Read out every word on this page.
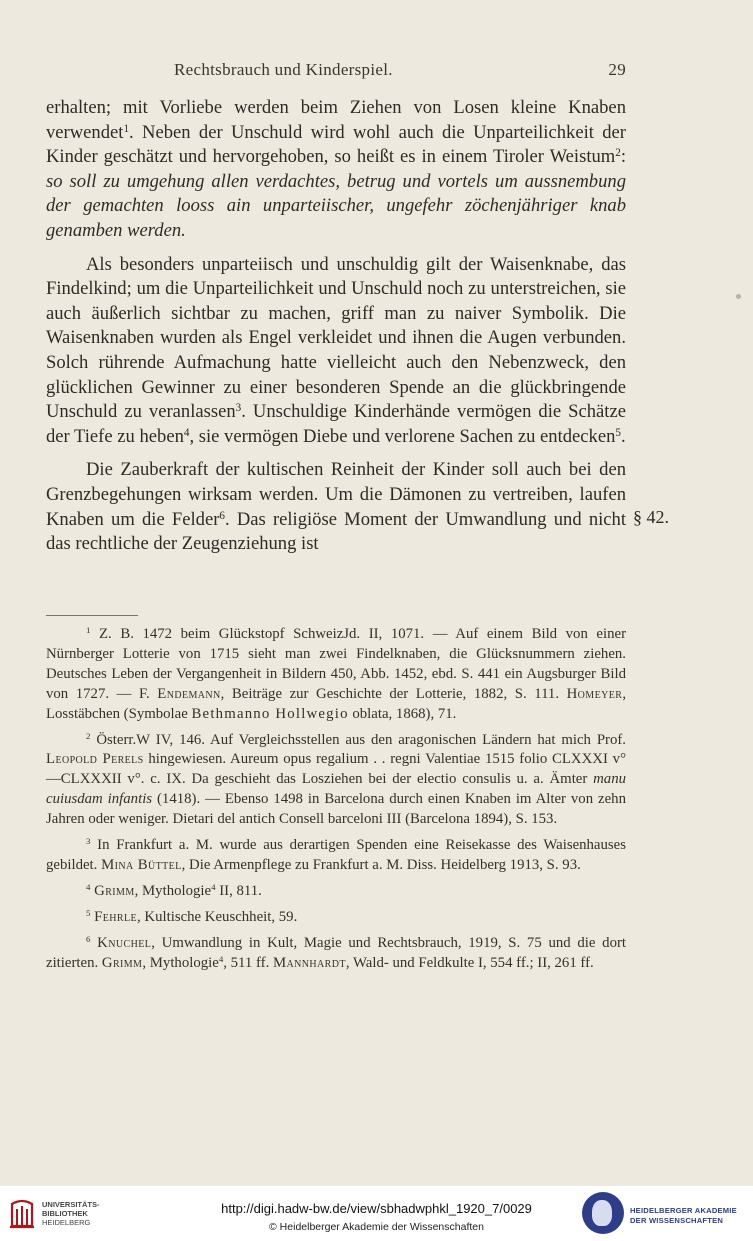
Rechtsbrauch und Kinderspiel.	29

erhalten; mit Vorliebe werden beim Ziehen von Losen kleine Knaben verwendet$^1$. Neben der Unschuld wird wohl auch die Unparteilichkeit der Kinder geschätzt und hervorgehoben, so heißt es in einem Tiroler Weistum$^2$: so soll zu umgehung allen verdachtes, betrug und vortels um aussnembung der gemachten looss ain unparteiischer, ungefehr zöchenjähriger knab genamben werden.

Als besonders unparteiisch und unschuldig gilt der Waisenknabe, das Findelkind; um die Unparteilichkeit und Unschuld noch zu unterstreichen, sie auch äußerlich sichtbar zu machen, griff man zu naiver Symbolik. Die Waisenknaben wurden als Engel verkleidet und ihnen die Augen verbunden. Solch rührende Aufmachung hatte vielleicht auch den Nebenzweck, den glücklichen Gewinner zu einer besonderen Spende an die glückbringende Unschuld zu veranlassen$^3$. Unschuldige Kinderhände vermögen die Schätze der Tiefe zu heben$^4$, sie vermögen Diebe und verlorene Sachen zu entdecken$^5$.

Die Zauberkraft der kultischen Reinheit der Kinder soll auch bei den Grenzbegehungen wirksam werden. Um die Dämonen zu vertreiben, laufen Knaben um die Felder$^6$. Das religiöse Moment der Umwandlung und nicht das rechtliche der Zeugenziehung ist

§ 42.

$^1$ Z. B. 1472 beim Glückstopf SchweizJd. II, 1071. — Auf einem Bild von einer Nürnberger Lotterie von 1715 sieht man zwei Findelknaben, die Glücksnummern ziehen. Deutsches Leben der Vergangenheit in Bildern 450, Abb. 1452, ebd. S. 441 ein Augsburger Bild von 1727. — F. Endemann, Beiträge zur Geschichte der Lotterie, 1882, S. 111. Homeyer, Losstäbchen (Symbolae Bethmanno Hollwegio oblata, 1868), 71.

$^2$ Österr.W IV, 146. Auf Vergleichsstellen aus den aragonischen Ländern hat mich Prof. Leopold Perels hingewiesen. Aureum opus regalium . . regni Valentiae 1515 folio CLXXXI v°—CLXXXII v°. c. IX. Da geschieht das Losziehen bei der electio consulis u. a. Ämter manu cuiusdam infantis (1418). — Ebenso 1498 in Barcelona durch einen Knaben im Alter von zehn Jahren oder weniger. Dietari del antich Consell barceloni III (Barcelona 1894), S. 153.

$^3$ In Frankfurt a. M. wurde aus derartigen Spenden eine Reisekasse des Waisenhauses gebildet. Mina Büttel, Die Armenpflege zu Frankfurt a. M. Diss. Heidelberg 1913, S. 93.

$^4$ Grimm, Mythologie$^4$ II, 811.

$^5$ Fehrle, Kultische Keuschheit, 59.

$^6$ Knuchel, Umwandlung in Kult, Magie und Rechtsbrauch, 1919, S. 75 und die dort zitierten. Grimm, Mythologie$^4$, 511 ff. Mannhardt, Wald- und Feldkulte I, 554 ff.; II, 261 ff.

UNIVERSITÄTS-
BIBLIOTHEK
HEIDELBERG
http://digi.hadw-bw.de/view/sbhadwphkl_1920_7/0029
© Heidelberger Akademie der Wissenschaften
HEIDELBERGER AKADEMIE
DER WISSENSCHAFTEN
